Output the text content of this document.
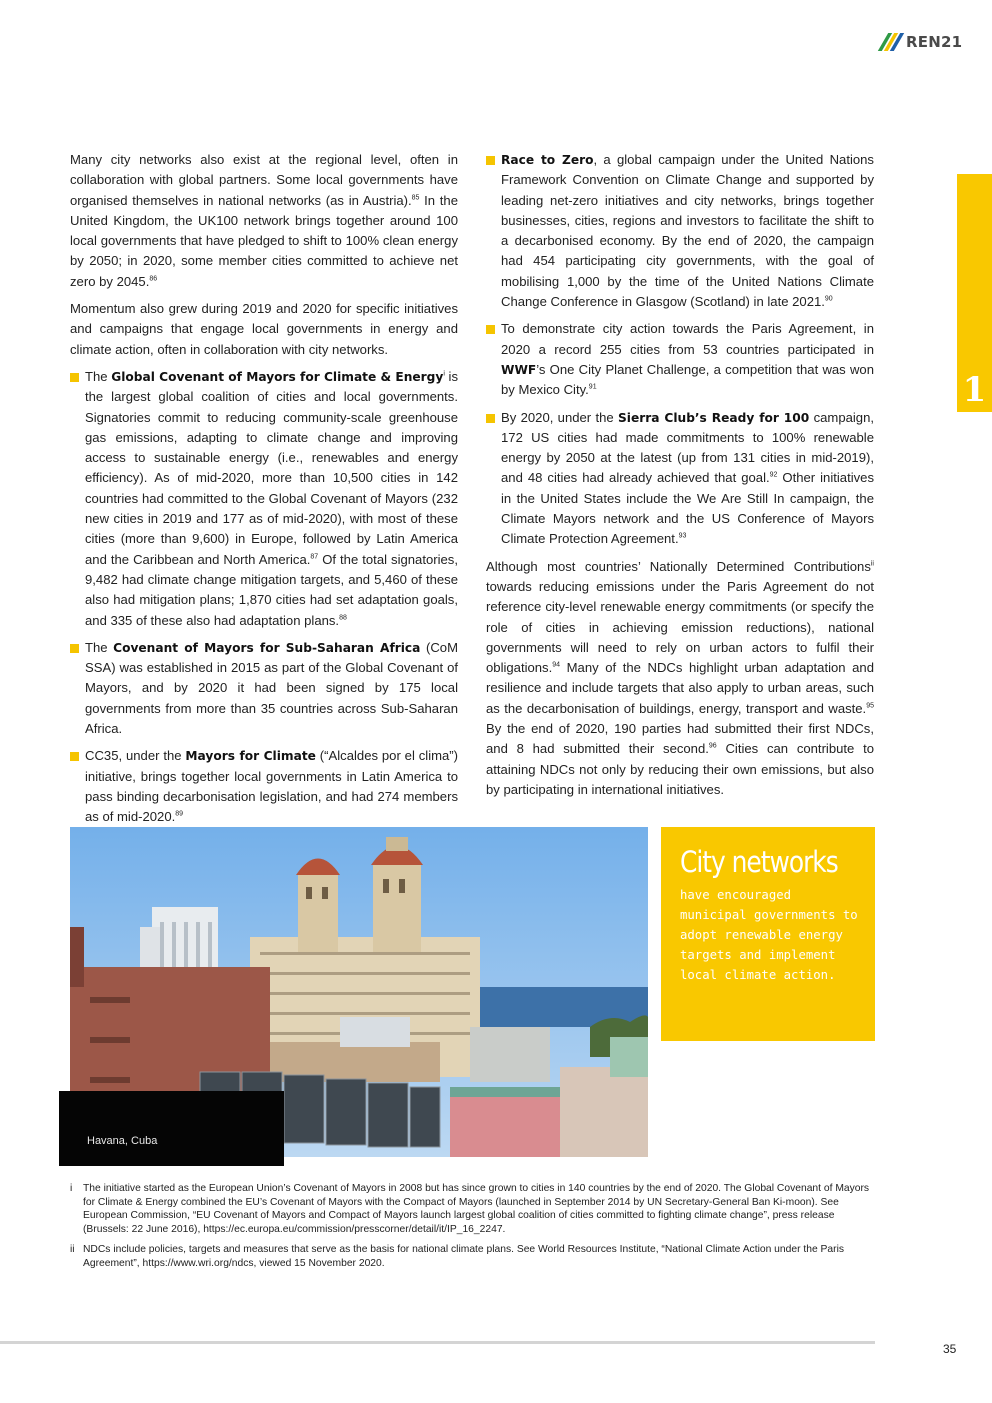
REN21
1

Many city networks also exist at the regional level, often in collaboration with global partners. Some local governments have organised themselves in national networks (as in Austria).$^{85}$ In the United Kingdom, the UK100 network brings together around 100 local governments that have pledged to shift to 100% clean energy by 2050; in 2020, some member cities committed to achieve net zero by 2045.86

Momentum also grew during 2019 and 2020 for specific initiatives and campaigns that engage local governments in energy and climate action, often in collaboration with city networks.

The Global Covenant of Mayors for Climate & Energy$^i$ is the largest global coalition of cities and local governments. Signatories commit to reducing community-scale greenhouse gas emissions, adapting to climate change and improving access to sustainable energy (i.e., renewables and energy efficiency). As of mid-2020, more than 10,500 cities in 142 countries had committed to the Global Covenant of Mayors (232 new cities in 2019 and 177 as of mid-2020), with most of these cities (more than 9,600) in Europe, followed by Latin America and the Caribbean and North America.$^{87}$ Of the total signatories, 9,482 had climate change mitigation targets, and 5,460 of these also had mitigation plans; 1,870 cities had set adaptation goals, and 335 of these also had adaptation plans.$^{88}$
The Covenant of Mayors for Sub-Saharan Africa (CoM SSA) was established in 2015 as part of the Global Covenant of Mayors, and by 2020 it had been signed by 175 local governments from more than 35 countries across Sub-Saharan Africa.
CC35, under the Mayors for Climate (“Alcaldes por el clima”) initiative, brings together local governments in Latin America to pass binding decarbonisation legislation, and had 274 members as of mid-2020.89
Race to Zero, a global campaign under the United Nations Framework Convention on Climate Change and supported by leading net-zero initiatives and city networks, brings together businesses, cities, regions and investors to facilitate the shift to a decarbonised economy. By the end of 2020, the campaign had 454 participating city governments, with the goal of mobilising 1,000 by the time of the United Nations Climate Change Conference in Glasgow (Scotland) in late 2021.90
To demonstrate city action towards the Paris Agreement, in 2020 a record 255 cities from 53 countries participated in WWF’s One City Planet Challenge, a competition that was won by Mexico City.$^{91}$
By 2020, under the Sierra Club’s Ready for 100 campaign, 172 US cities had made commitments to 100% renewable energy by 2050 at the latest (up from 131 cities in mid-2019), and 48 cities had already achieved that goal.$^{92}$ Other initiatives in the United States include the We Are Still In campaign, the Climate Mayors network and the US Conference of Mayors Climate Protection Agreement.$^{93}$

Although most countries’ Nationally Determined Contributions$^{ii}$ towards reducing emissions under the Paris Agreement do not reference city-level renewable energy commitments (or specify the role of cities in achieving emission reductions), national governments will need to rely on urban actors to fulfil their obligations.$^{94}$ Many of the NDCs highlight urban adaptation and resilience and include targets that also apply to urban areas, such as the decarbonisation of buildings, energy, transport and waste.$^{95}$ By the end of 2020, 190 parties had submitted their first NDCs, and 8 had submitted their second.$^{96}$ Cities can contribute to attaining NDCs not only by reducing their own emissions, but also by participating in international initiatives.

Havana, Cuba
City networks
have encouraged municipal governments to adopt renewable energy targets and implement local climate action.
i The initiative started as the European Union’s Covenant of Mayors in 2008 but has since grown to cities in 140 countries by the end of 2020. The Global Covenant of Mayors for Climate & Energy combined the EU’s Covenant of Mayors with the Compact of Mayors (launched in September 2014 by UN Secretary-General Ban Ki-moon). See European Commission, “EU Covenant of Mayors and Compact of Mayors launch largest global coalition of cities committed to fighting climate change”, press release (Brussels: 22 June 2016), https://ec.europa.eu/commission/presscorner/detail/it/IP_16_2247.
ii NDCs include policies, targets and measures that serve as the basis for national climate plans. See World Resources Institute, “National Climate Action under the Paris Agreement”, https://www.wri.org/ndcs, viewed 15 November 2020.
35
